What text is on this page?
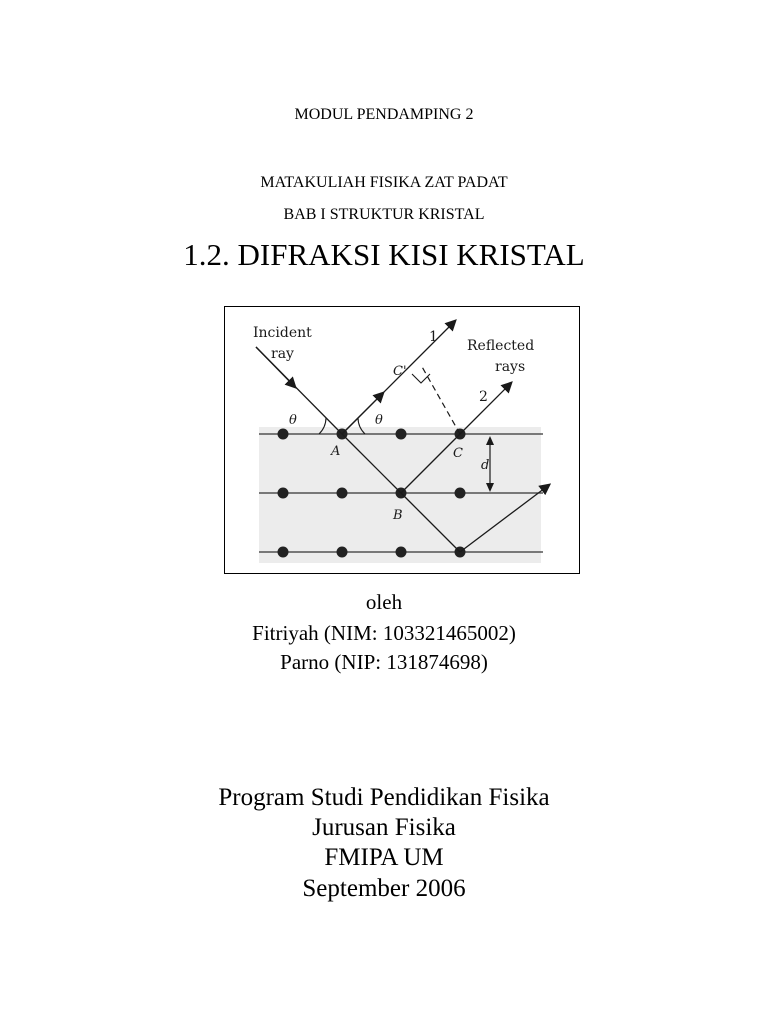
MODUL PENDAMPING 2
MATAKULIAH FISIKA ZAT PADAT
BAB I STRUKTUR KRISTAL
1.2. DIFRAKSI KISI KRISTAL
Incident
ray	Reflected
rays
1
2
θ	θ
A
B
C
C'
d
oleh
Fitriyah (NIM: 103321465002)
Parno (NIP: 131874698)
Program Studi Pendidikan Fisika
Jurusan Fisika
FMIPA UM
September 2006
